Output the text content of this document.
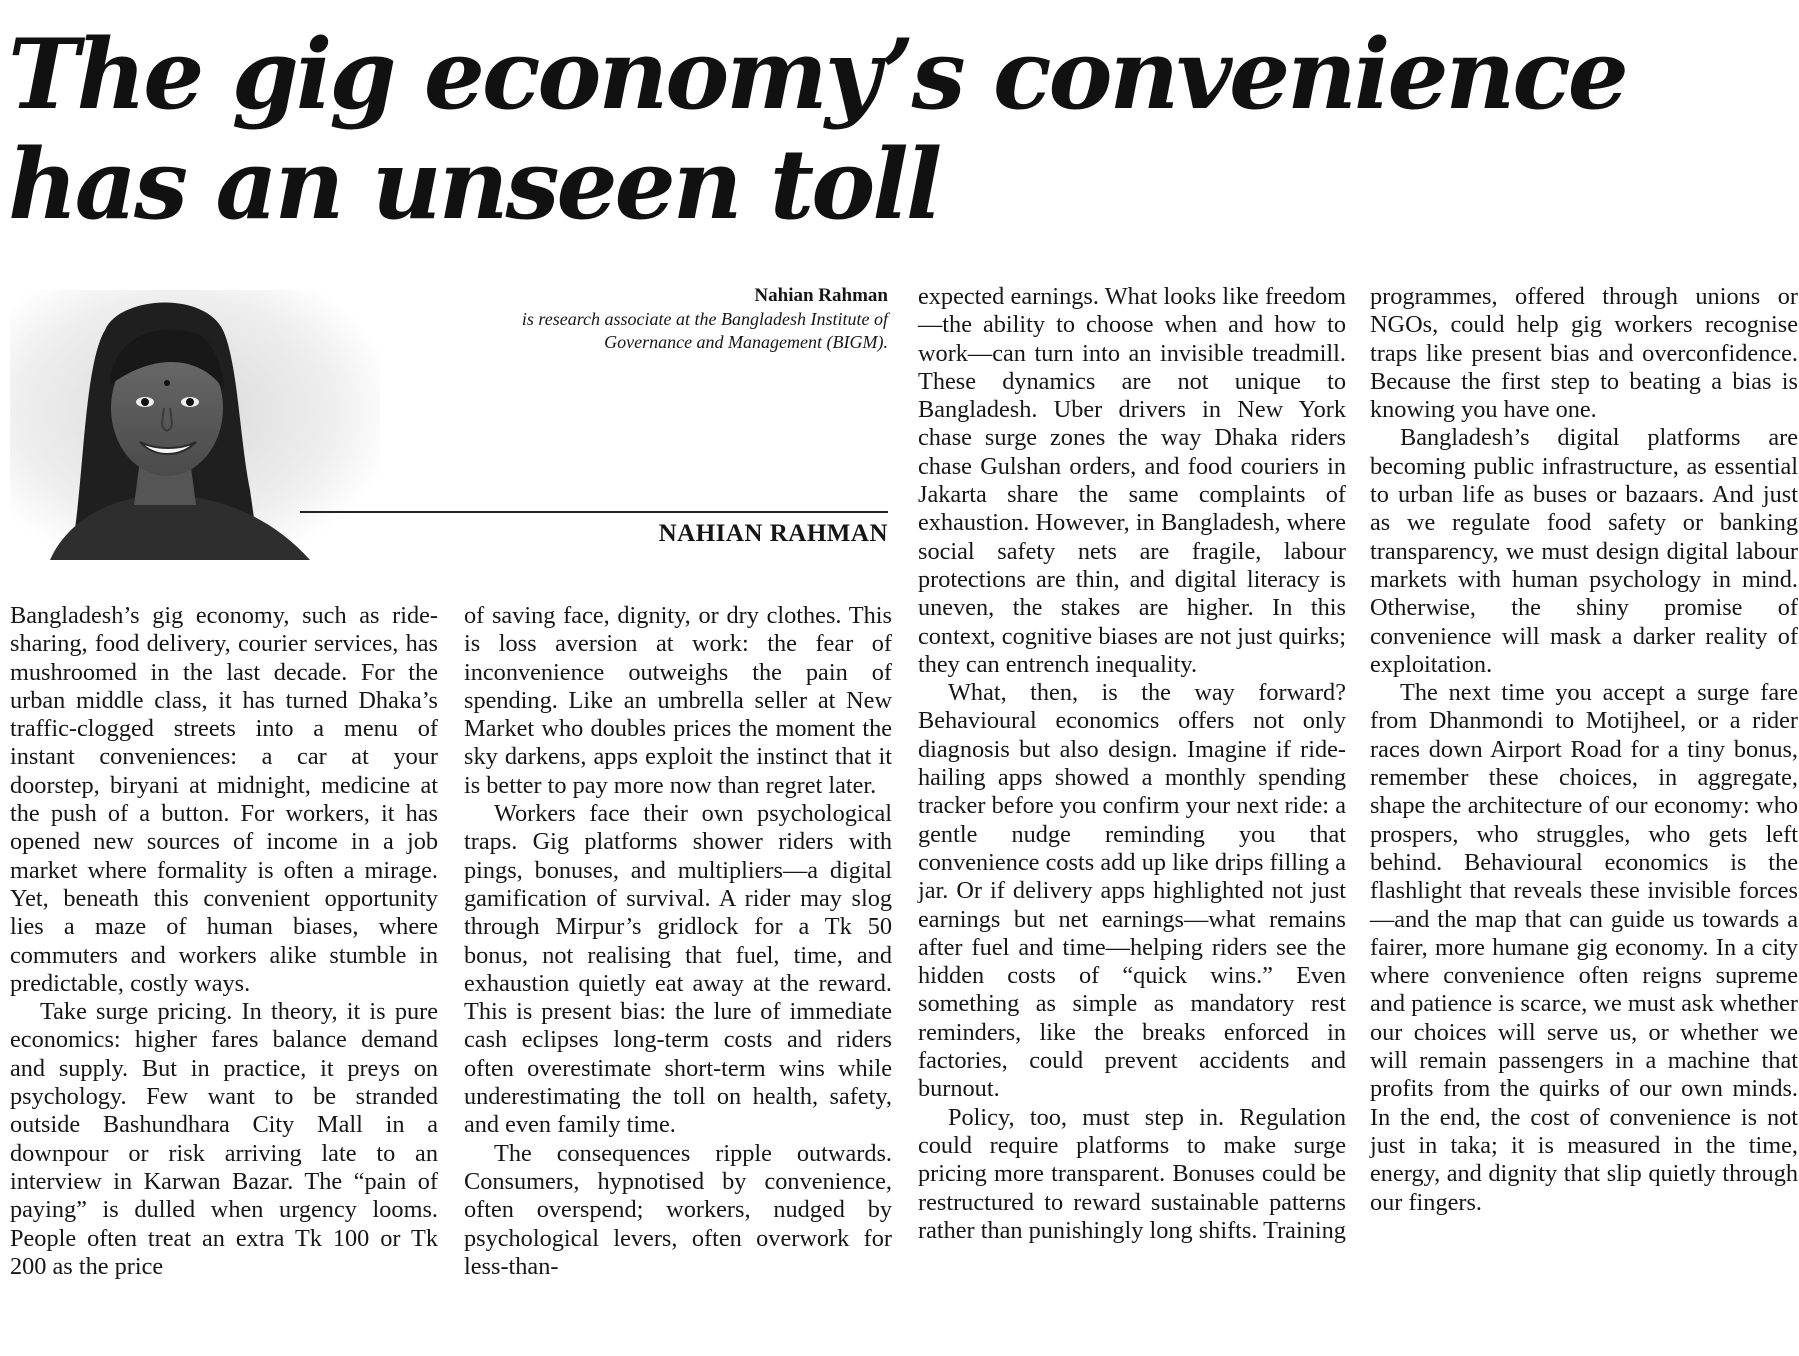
The gig economy’s convenience
has an unseen toll
Nahian Rahman
is research associate at the Bangladesh Institute of Governance and Management (BIGM).
NAHIAN RAHMAN

Bangladesh’s gig economy, such as ride-sharing, food delivery, courier services, has mushroomed in the last decade. For the urban middle class, it has turned Dhaka’s traffic-clogged streets into a menu of instant conveniences: a car at your doorstep, biryani at midnight, medicine at the push of a button. For workers, it has opened new sources of income in a job market where formality is often a mirage. Yet, beneath this convenient opportunity lies a maze of human biases, where commuters and workers alike stumble in predictable, costly ways.

Take surge pricing. In theory, it is pure economics: higher fares balance demand and supply. But in practice, it preys on psychology. Few want to be stranded outside Bashundhara City Mall in a downpour or risk arriving late to an interview in Karwan Bazar. The “pain of paying” is dulled when urgency looms. People often treat an extra Tk 100 or Tk 200 as the price

of saving face, dignity, or dry clothes. This is loss aversion at work: the fear of inconvenience outweighs the pain of spending. Like an umbrella seller at New Market who doubles prices the moment the sky darkens, apps exploit the instinct that it is better to pay more now than regret later.

Workers face their own psychological traps. Gig platforms shower riders with pings, bonuses, and multipliers—a digital gamification of survival. A rider may slog through Mirpur’s gridlock for a Tk 50 bonus, not realising that fuel, time, and exhaustion quietly eat away at the reward. This is present bias: the lure of immediate cash eclipses long-term costs and riders often overestimate short-term wins while underestimating the toll on health, safety, and even family time.

The consequences ripple outwards. Consumers, hypnotised by convenience, often overspend; workers, nudged by psychological levers, often overwork for less-than-

expected earnings. What looks like freedom—the ability to choose when and how to work—can turn into an invisible treadmill. These dynamics are not unique to Bangladesh. Uber drivers in New York chase surge zones the way Dhaka riders chase Gulshan orders, and food couriers in Jakarta share the same complaints of exhaustion. However, in Bangladesh, where social safety nets are fragile, labour protections are thin, and digital literacy is uneven, the stakes are higher. In this context, cognitive biases are not just quirks; they can entrench inequality.

What, then, is the way forward? Behavioural economics offers not only diagnosis but also design. Imagine if ride-hailing apps showed a monthly spending tracker before you confirm your next ride: a gentle nudge reminding you that convenience costs add up like drips filling a jar. Or if delivery apps highlighted not just earnings but net earnings—what remains after fuel and time—helping riders see the hidden costs of “quick wins.” Even something as simple as mandatory rest reminders, like the breaks enforced in factories, could prevent accidents and burnout.

Policy, too, must step in. Regulation could require platforms to make surge pricing more transparent. Bonuses could be restructured to reward sustainable patterns rather than punishingly long shifts. Training

programmes, offered through unions or NGOs, could help gig workers recognise traps like present bias and overconfidence. Because the first step to beating a bias is knowing you have one.

Bangladesh’s digital platforms are becoming public infrastructure, as essential to urban life as buses or bazaars. And just as we regulate food safety or banking transparency, we must design digital labour markets with human psychology in mind. Otherwise, the shiny promise of convenience will mask a darker reality of exploitation.

The next time you accept a surge fare from Dhanmondi to Motijheel, or a rider races down Airport Road for a tiny bonus, remember these choices, in aggregate, shape the architecture of our economy: who prospers, who struggles, who gets left behind. Behavioural economics is the flashlight that reveals these invisible forces—and the map that can guide us towards a fairer, more humane gig economy. In a city where convenience often reigns supreme and patience is scarce, we must ask whether our choices will serve us, or whether we will remain passengers in a machine that profits from the quirks of our own minds. In the end, the cost of convenience is not just in taka; it is measured in the time, energy, and dignity that slip quietly through our fingers.
